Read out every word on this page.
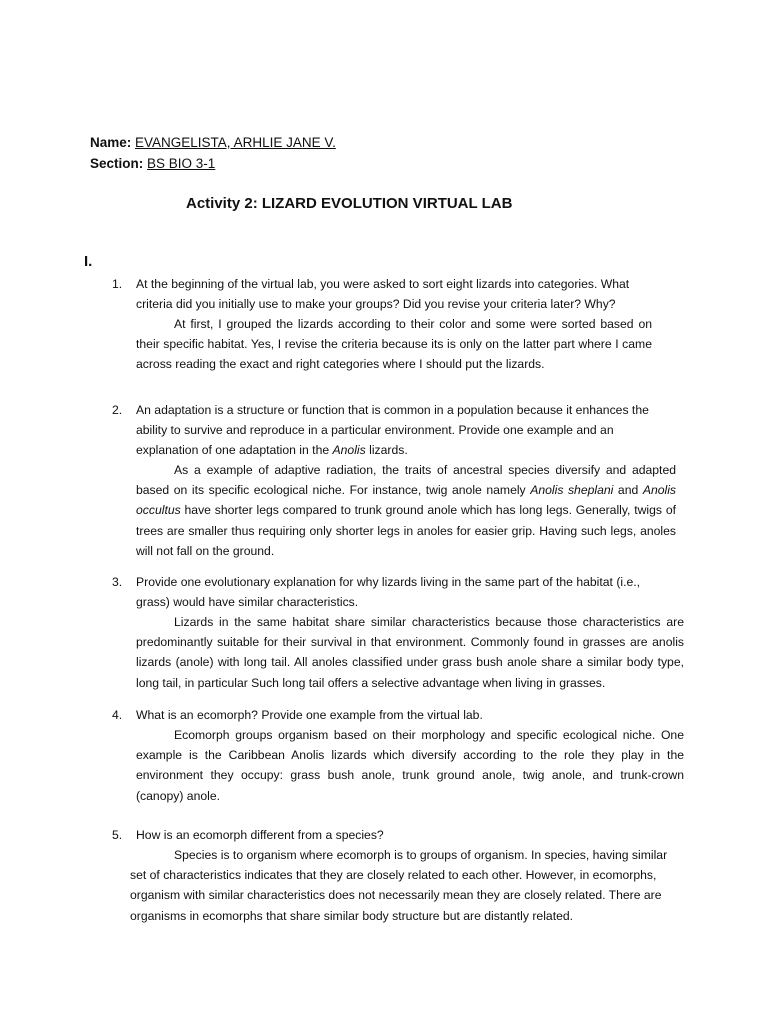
Name: EVANGELISTA, ARHLIE JANE V.
Section: BS BIO 3-1
Activity 2: LIZARD EVOLUTION VIRTUAL LAB
I.
1. At the beginning of the virtual lab, you were asked to sort eight lizards into categories. What criteria did you initially use to make your groups? Did you revise your criteria later? Why?
At first, I grouped the lizards according to their color and some were sorted based on their specific habitat. Yes, I revise the criteria because its is only on the latter part where I came across reading the exact and right categories where I should put the lizards.
2. An adaptation is a structure or function that is common in a population because it enhances the ability to survive and reproduce in a particular environment. Provide one example and an explanation of one adaptation in the Anolis lizards.
As a example of adaptive radiation, the traits of ancestral species diversify and adapted based on its specific ecological niche. For instance, twig anole namely Anolis sheplani and Anolis occultus have shorter legs compared to trunk ground anole which has long legs. Generally, twigs of trees are smaller thus requiring only shorter legs in anoles for easier grip. Having such legs, anoles will not fall on the ground.
3. Provide one evolutionary explanation for why lizards living in the same part of the habitat (i.e., grass) would have similar characteristics.
Lizards in the same habitat share similar characteristics because those characteristics are predominantly suitable for their survival in that environment. Commonly found in grasses are anolis lizards (anole) with long tail. All anoles classified under grass bush anole share a similar body type, long tail, in particular Such long tail offers a selective advantage when living in grasses.
4. What is an ecomorph? Provide one example from the virtual lab.
Ecomorph groups organism based on their morphology and specific ecological niche. One example is the Caribbean Anolis lizards which diversify according to the role they play in the environment they occupy: grass bush anole, trunk ground anole, twig anole, and trunk-crown (canopy) anole.
5. How is an ecomorph different from a species?
Species is to organism where ecomorph is to groups of organism. In species, having similar set of characteristics indicates that they are closely related to each other. However, in ecomorphs, organism with similar characteristics does not necessarily mean they are closely related. There are organisms in ecomorphs that share similar body structure but are distantly related.
